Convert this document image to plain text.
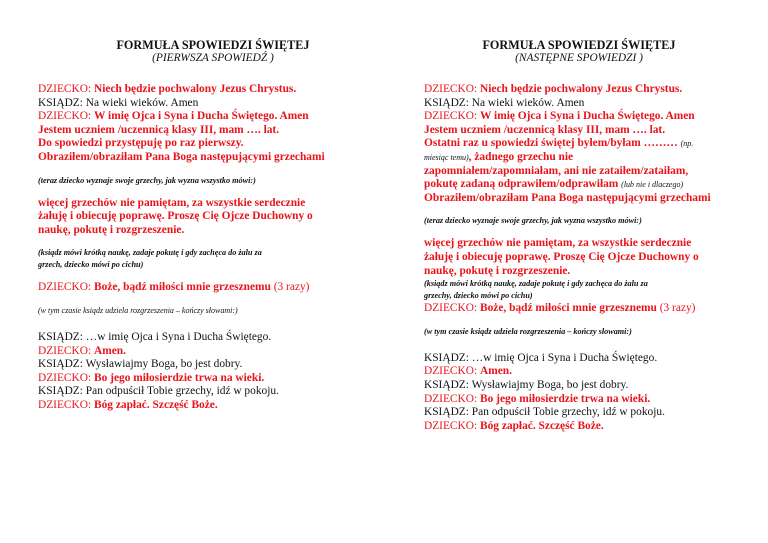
FORMUŁA SPOWIEDZI ŚWIĘTEJ
(PIERWSZA SPOWIEDŹ )
DZIECKO: Niech będzie pochwalony Jezus Chrystus.
KSIĄDZ: Na wieki wieków. Amen
DZIECKO: W imię Ojca i Syna i Ducha Świętego. Amen
Jestem uczniem /uczennicą klasy III, mam …. lat.
Do spowiedzi przystępuję po raz pierwszy.
Obraziłem/obraziłam Pana Boga następującymi grzechami
(teraz dziecko wyznaje swoje grzechy, jak wyzna wszystko mówi:)
więcej grzechów nie pamiętam, za wszystkie serdecznie
żałuję i obiecuję poprawę. Proszę Cię Ojcze Duchowny o
naukę, pokutę i rozgrzeszenie.
(ksiądz mówi krótką naukę, zadaje pokutę i gdy zachęca do żalu za
grzech, dziecko mówi po cichu)
DZIECKO: Boże, bądź miłości mnie grzesznemu (3 razy)
(w tym czasie ksiądz udziela rozgrzeszenia – kończy słowami:)
KSIĄDZ: …w imię Ojca i Syna i Ducha Świętego.
DZIECKO: Amen.
KSIĄDZ: Wysławiajmy Boga, bo jest dobry.
DZIECKO: Bo jego miłosierdzie trwa na wieki.
KSIĄDZ: Pan odpuścił Tobie grzechy, idź w pokoju.
DZIECKO: Bóg zapłać. Szczęść Boże.
FORMUŁA SPOWIEDZI ŚWIĘTEJ
(NASTĘPNE SPOWIEDZI )
DZIECKO: Niech będzie pochwalony Jezus Chrystus.
KSIĄDZ: Na wieki wieków. Amen
DZIECKO: W imię Ojca i Syna i Ducha Świętego. Amen
Jestem uczniem /uczennicą klasy III, mam …. lat.
Ostatni raz u spowiedzi świętej byłem/byłam ……… (np.
miesiąc temu), żadnego grzechu nie
zapomniałem/zapomniałam, ani nie zataiłem/zataiłam,
pokutę zadaną odprawiłem/odprawiłam (lub nie i dlaczego)
Obraziłem/obraziłam Pana Boga następującymi grzechami
(teraz dziecko wyznaje swoje grzechy, jak wyzna wszystko mówi:)
więcej grzechów nie pamiętam, za wszystkie serdecznie
żałuję i obiecuję poprawę. Proszę Cię Ojcze Duchowny o
naukę, pokutę i rozgrzeszenie.
(ksiądz mówi krótką naukę, zadaje pokutę i gdy zachęca do żalu za
grzechy, dziecko mówi po cichu)
DZIECKO: Boże, bądź miłości mnie grzesznemu (3 razy)
(w tym czasie ksiądz udziela rozgrzeszenia – kończy słowami:)
KSIĄDZ: …w imię Ojca i Syna i Ducha Świętego.
DZIECKO: Amen.
KSIĄDZ: Wysławiajmy Boga, bo jest dobry.
DZIECKO: Bo jego miłosierdzie trwa na wieki.
KSIĄDZ: Pan odpuścił Tobie grzechy, idź w pokoju.
DZIECKO: Bóg zapłać. Szczęść Boże.
